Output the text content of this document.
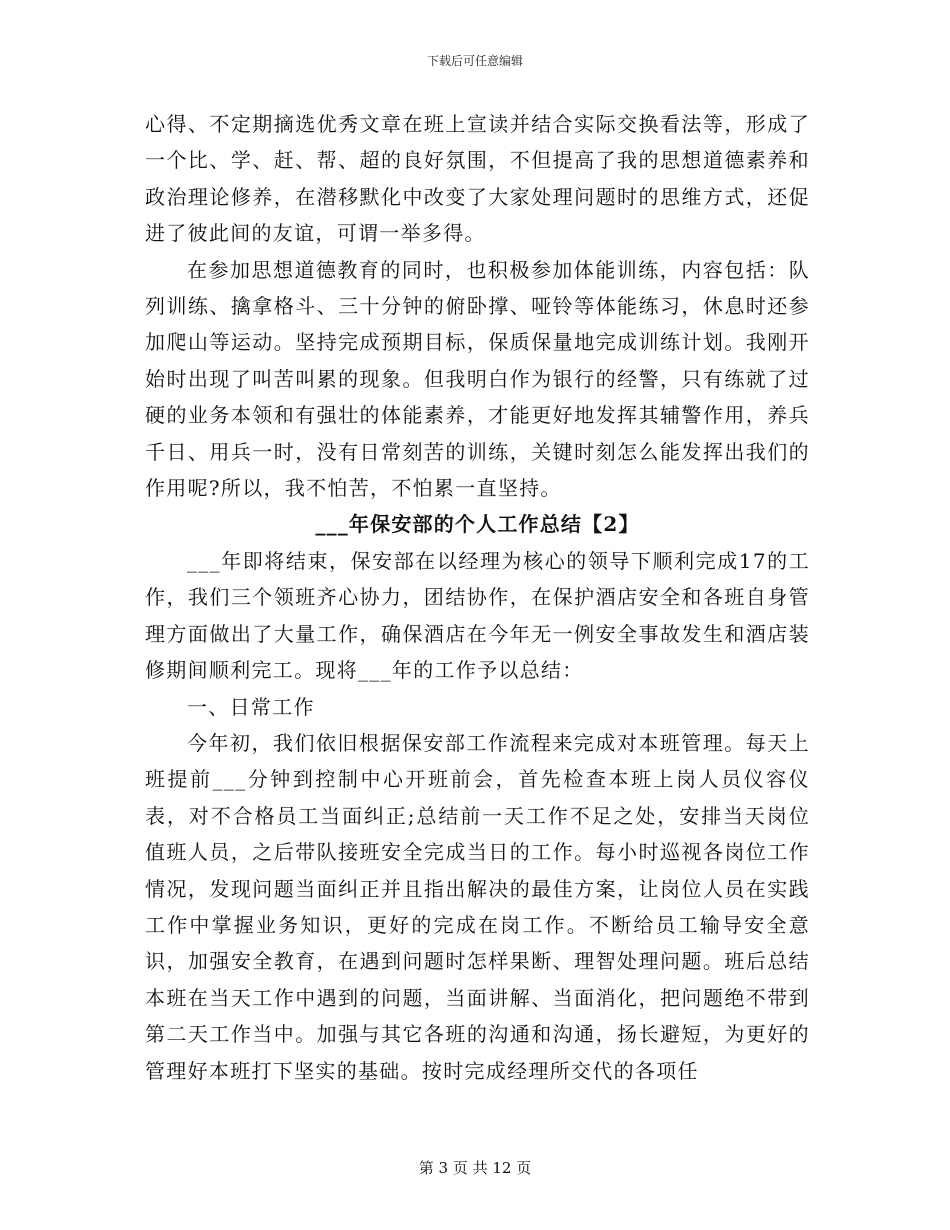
下载后可任意编辑

心得、不定期摘选优秀文章在班上宣读并结合实际交换看法等，形成了一个比、学、赶、帮、超的良好氛围，不但提高了我的思想道德素养和政治理论修养，在潜移默化中改变了大家处理问题时的思维方式，还促进了彼此间的友谊，可谓一举多得。

在参加思想道德教育的同时，也积极参加体能训练，内容包括：队列训练、擒拿格斗、三十分钟的俯卧撑、哑铃等体能练习，休息时还参加爬山等运动。坚持完成预期目标，保质保量地完成训练计划。我刚开始时出现了叫苦叫累的现象。但我明白作为银行的经警，只有练就了过硬的业务本领和有强壮的体能素养，才能更好地发挥其辅警作用，养兵千日、用兵一时，没有日常刻苦的训练，关键时刻怎么能发挥出我们的作用呢?所以，我不怕苦，不怕累一直坚持。

___年保安部的个人工作总结【2】

___年即将结束，保安部在以经理为核心的领导下顺利完成17的工作，我们三个领班齐心协力，团结协作，在保护酒店安全和各班自身管理方面做出了大量工作，确保酒店在今年无一例安全事故发生和酒店装修期间顺利完工。现将___年的工作予以总结：

一、日常工作

今年初，我们依旧根据保安部工作流程来完成对本班管理。每天上班提前___分钟到控制中心开班前会，首先检查本班上岗人员仪容仪表，对不合格员工当面纠正;总结前一天工作不足之处，安排当天岗位值班人员，之后带队接班安全完成当日的工作。每小时巡视各岗位工作情况，发现问题当面纠正并且指出解决的最佳方案，让岗位人员在实践工作中掌握业务知识，更好的完成在岗工作。不断给员工输导安全意识，加强安全教育，在遇到问题时怎样果断、理智处理问题。班后总结本班在当天工作中遇到的问题，当面讲解、当面消化，把问题绝不带到第二天工作当中。加强与其它各班的沟通和沟通，扬长避短，为更好的管理好本班打下坚实的基础。按时完成经理所交代的各项任

第 3 页 共 12 页
